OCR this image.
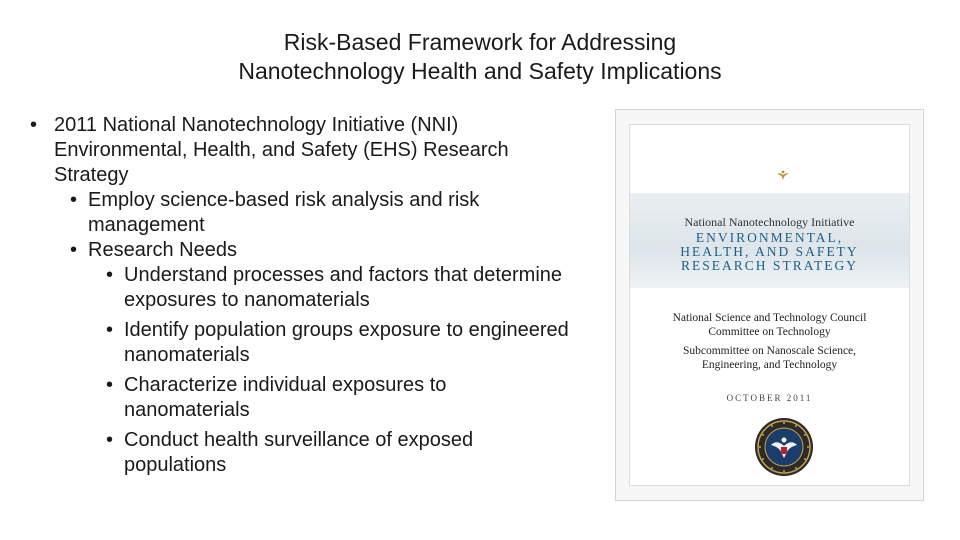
Risk-Based Framework for Addressing
Nanotechnology Health and Safety Implications
• 2011 National Nanotechnology Initiative (NNI) Environmental, Health, and Safety (EHS) Research Strategy
• Employ science-based risk analysis and risk management
• Research Needs
• Understand processes and factors that determine exposures to nanomaterials
• Identify population groups exposure to engineered nanomaterials
• Characterize individual exposures to nanomaterials
• Conduct health surveillance of exposed populations
National Nanotechnology Initiative
ENVIRONMENTAL,
HEALTH, AND SAFETY
RESEARCH STRATEGY
National Science and Technology Council
Committee on Technology
Subcommittee on Nanoscale Science,
Engineering, and Technology
OCTOBER 2011
